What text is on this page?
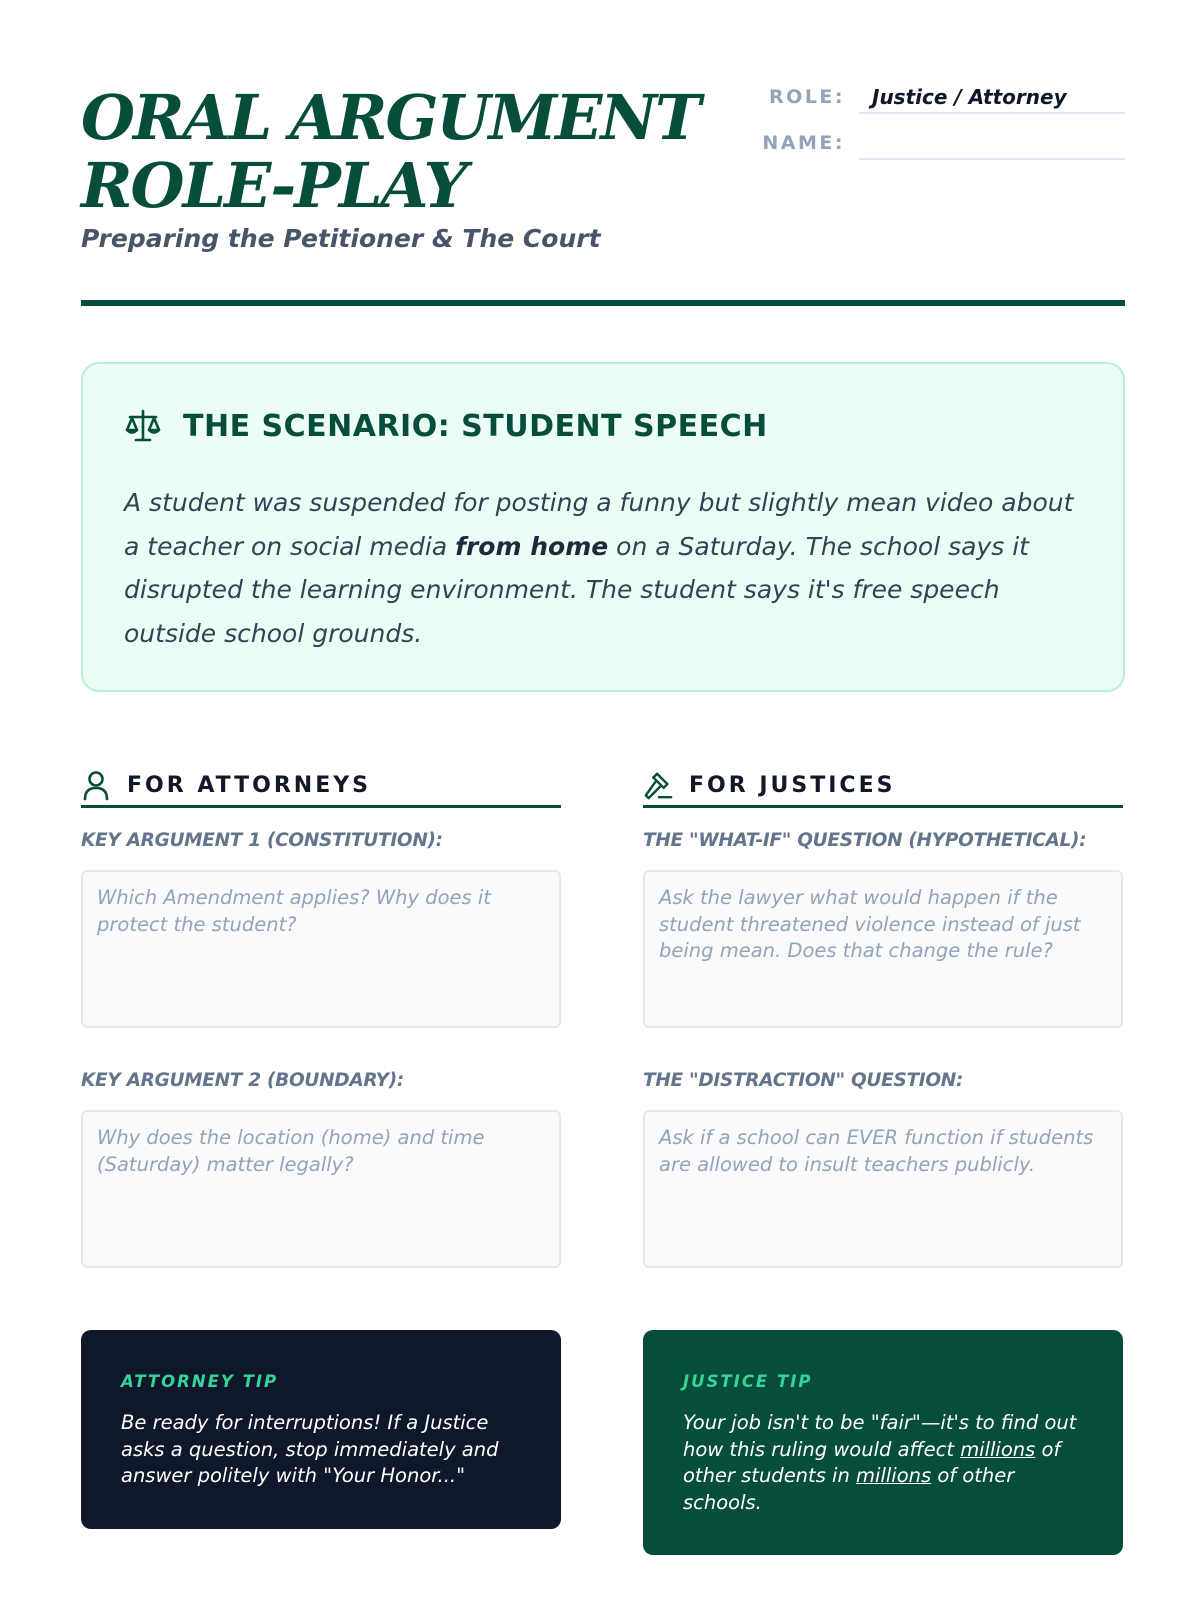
ORAL ARGUMENT
ROLE-PLAY
Preparing the Petitioner & The Court
ROLE: Justice / Attorney
NAME:
THE SCENARIO: STUDENT SPEECH

A student was suspended for posting a funny but slightly mean video about a teacher on social media from home on a Saturday. The school says it disrupted the learning environment. The student says it's free speech outside school grounds.

FOR ATTORNEYS
KEY ARGUMENT 1 (CONSTITUTION):
Which Amendment applies? Why does it protect the student?
KEY ARGUMENT 2 (BOUNDARY):
Why does the location (home) and time (Saturday) matter legally?
ATTORNEY TIP
Be ready for interruptions! If a Justice asks a question, stop immediately and answer politely with "Your Honor..."
FOR JUSTICES
THE "WHAT-IF" QUESTION (HYPOTHETICAL):
Ask the lawyer what would happen if the student threatened violence instead of just being mean. Does that change the rule?
THE "DISTRACTION" QUESTION:
Ask if a school can EVER function if students are allowed to insult teachers publicly.
JUSTICE TIP
Your job isn't to be "fair"—it's to find out how this ruling would affect millions of other students in millions of other schools.
